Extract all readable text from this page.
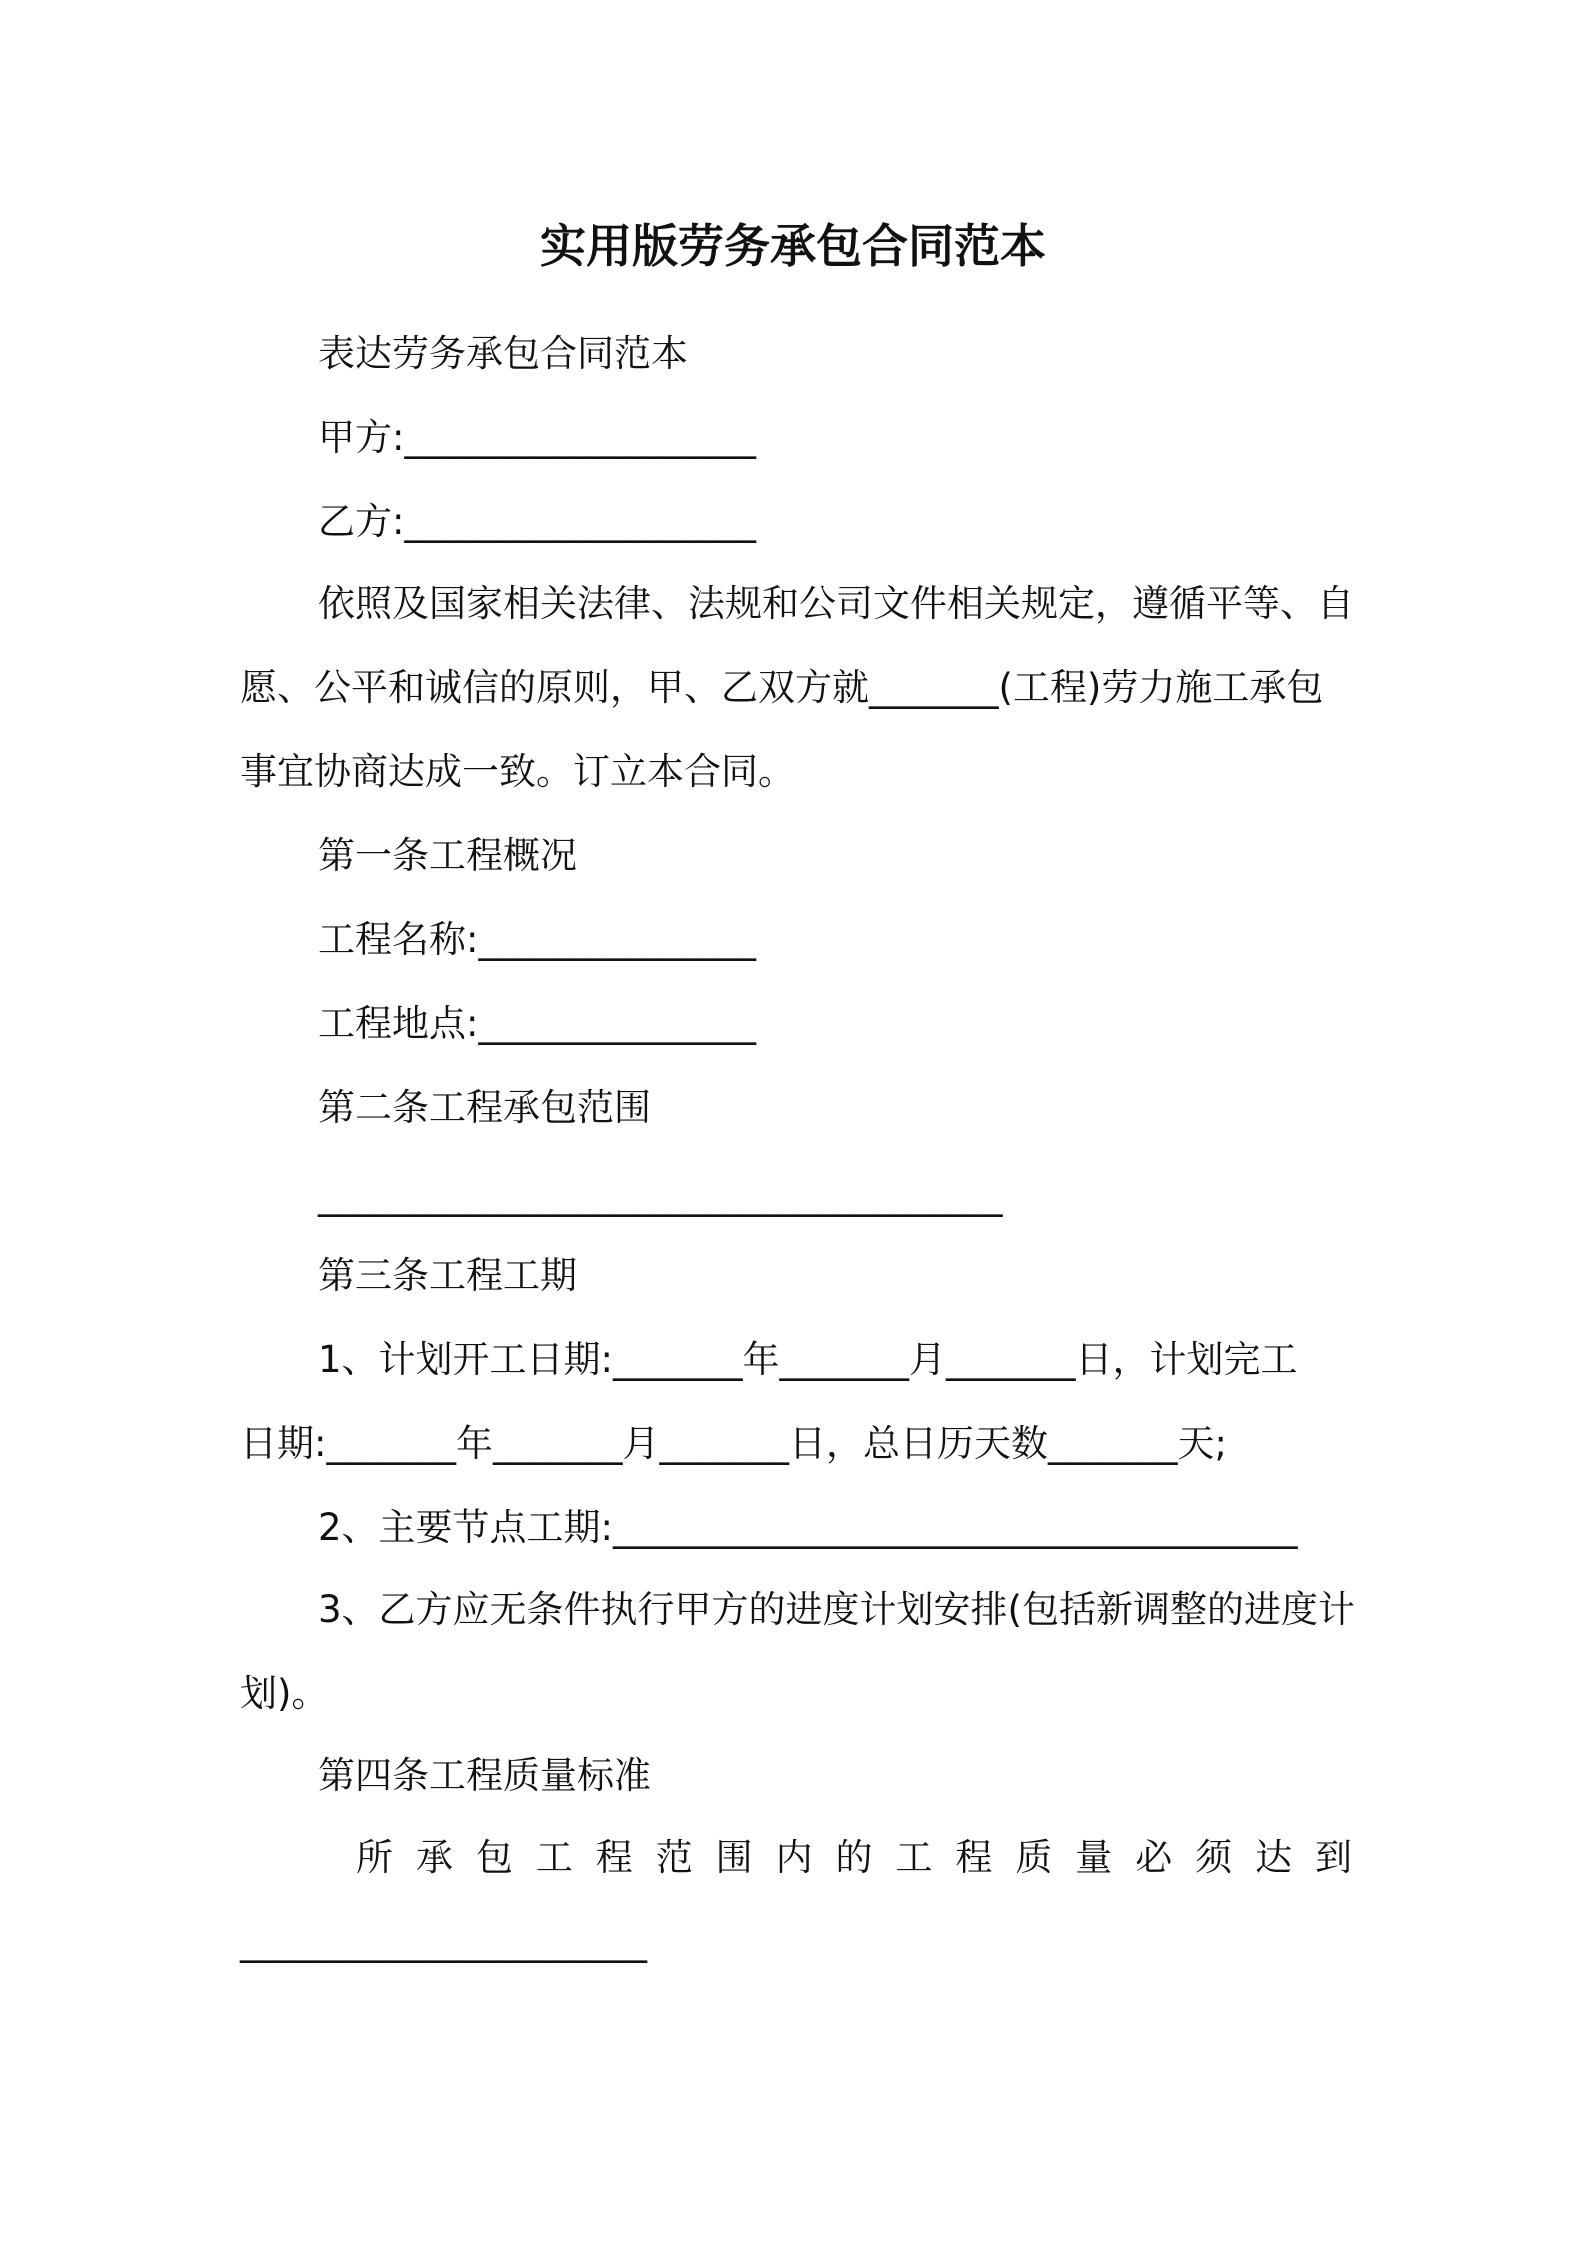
实用版劳务承包合同范本
表达劳务承包合同范本
甲方:___________________
乙方:___________________
依照及国家相关法律、法规和公司文件相关规定，遵循平等、自
愿、公平和诚信的原则，甲、乙双方就_______(工程)劳力施工承包
事宜协商达成一致。订立本合同。
第一条工程概况
工程名称:_______________
工程地点:_______________
第二条工程承包范围
_____________________________________
第三条工程工期
1、计划开工日期:_______年_______月_______日，计划完工
日期:_______年_______月_______日，总日历天数_______天;
2、主要节点工期:_____________________________________
3、乙方应无条件执行甲方的进度计划安排(包括新调整的进度计
划)。
第四条工程质量标准
所 承 包 工 程 范 围 内 的 工 程 质 量 必 须 达 到
______________________
